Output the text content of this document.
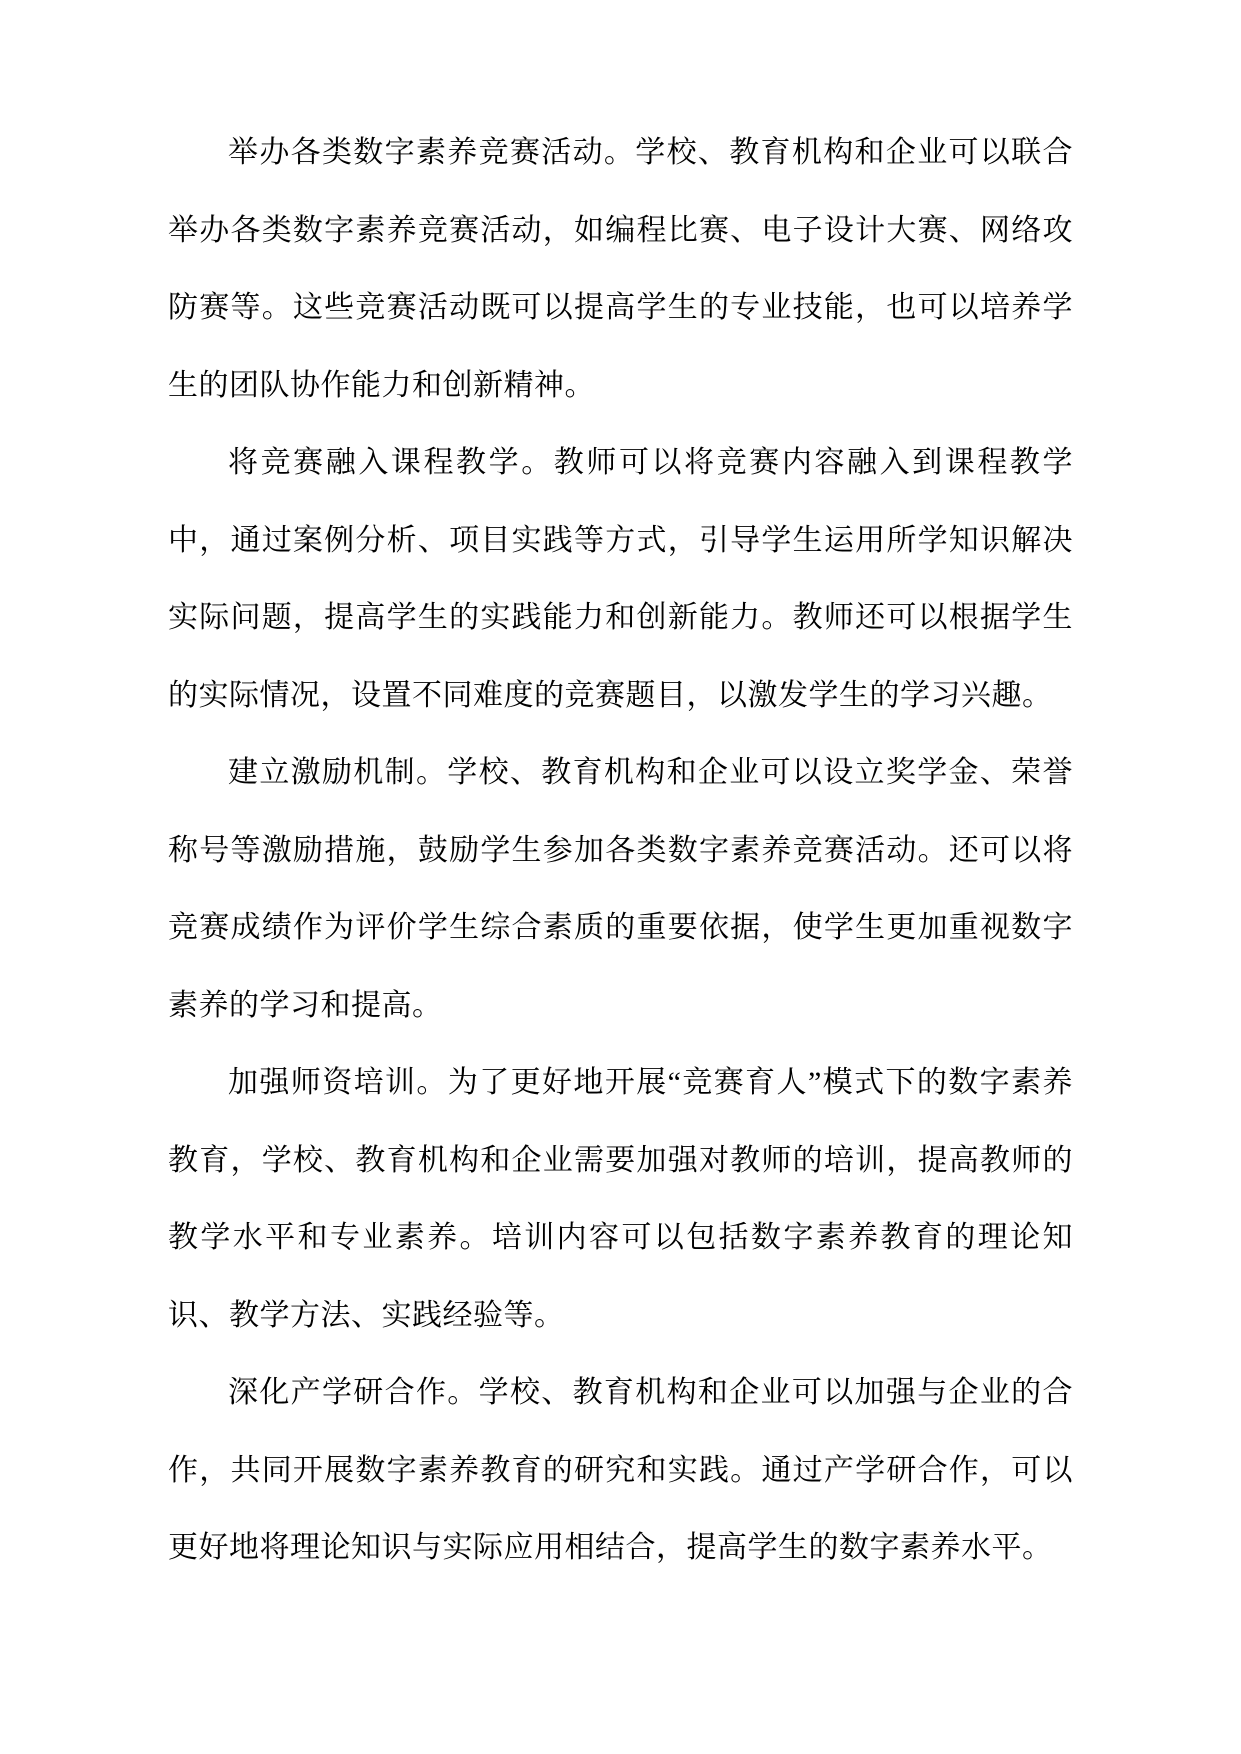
举办各类数字素养竞赛活动。学校、教育机构和企业可以联合举办各类数字素养竞赛活动，如编程比赛、电子设计大赛、网络攻防赛等。这些竞赛活动既可以提高学生的专业技能，也可以培养学生的团队协作能力和创新精神。

将竞赛融入课程教学。教师可以将竞赛内容融入到课程教学中，通过案例分析、项目实践等方式，引导学生运用所学知识解决实际问题，提高学生的实践能力和创新能力。教师还可以根据学生的实际情况，设置不同难度的竞赛题目，以激发学生的学习兴趣。

建立激励机制。学校、教育机构和企业可以设立奖学金、荣誉称号等激励措施，鼓励学生参加各类数字素养竞赛活动。还可以将竞赛成绩作为评价学生综合素质的重要依据，使学生更加重视数字素养的学习和提高。

加强师资培训。为了更好地开展“竞赛育人”模式下的数字素养教育，学校、教育机构和企业需要加强对教师的培训，提高教师的教学水平和专业素养。培训内容可以包括数字素养教育的理论知识、教学方法、实践经验等。

深化产学研合作。学校、教育机构和企业可以加强与企业的合作，共同开展数字素养教育的研究和实践。通过产学研合作，可以更好地将理论知识与实际应用相结合，提高学生的数字素养水平。
